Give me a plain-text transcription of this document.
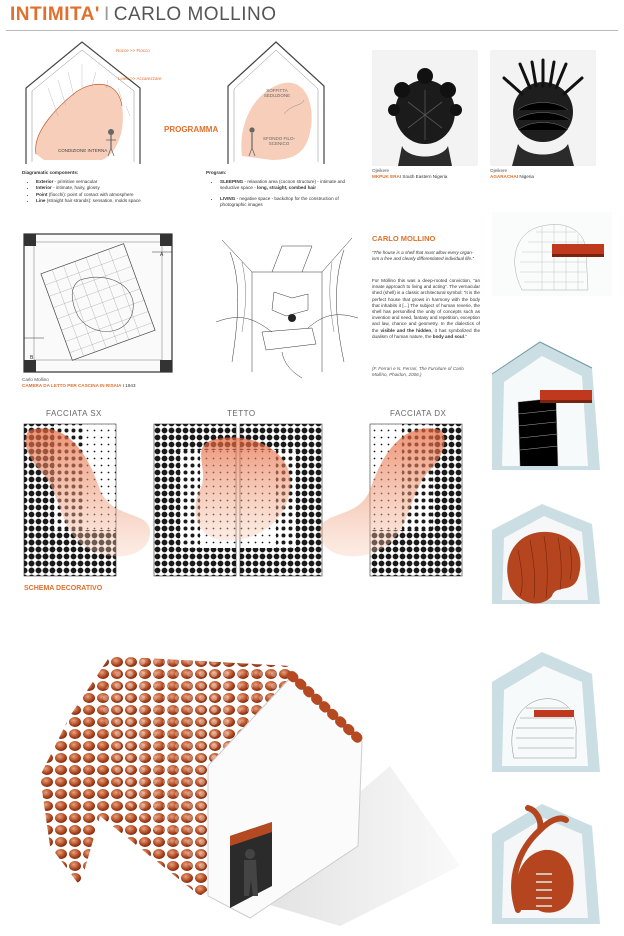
INTIMITA' I CARLO MOLLINO
Rocce >> Fiocco
Linee >> Accarezzare
CONDIZIONE INTERNA
SOFFITTA SEDUZIONE
SFONDO FILO-SCENICO
PROGRAMMA
Ojeikere
MKPUK ERAI South Eastern Nigeria
Ojeikere
AGARACHAI Nigeria
Diagramatic components:
• Exterior - primitive vernacular
• Interior - intimate, hairy, glossy
• Point (fiocchi): point of contact with atmosphere
• Line (straight hair strands): sensation, molds space
Program:
• SLEEPING - relaxation area (cocoon structure) - intimate and seductive space - long, straight, combed hair
• LIVING - negative space - backdrop for the construction of photographic images
B
A
Carlo Mollino
CAMERA DA LETTO PER CASCINA IN RISAIA I 1943
CARLO MOLLINO
“The house is a shell that must allow every organ-ism a free and clearly differentiated individual life.”
For Mollino this was a deep-rooted conviction, “an innate approach to living and acting”. The vernacular shed (shell) is a classic architectural symbol: “it is the perfect house that grows in harmony with the body that inhabits it [...] The subject of human reverie, the shell has personified the unity of concepts such as invention and need, fantasy and repetition, exception and law, chance and geometry. In the dialectics of the visible and the hidden, it has symbolized the dualism of human nature, the body and soul.”
(F. Ferrari e N. Ferrari, The Furniture of Carlo Mollino, Phaidon, 2006.)
FACCIATA SX	TETTO	FACCIATA DX
SCHEMA DECORATIVO
